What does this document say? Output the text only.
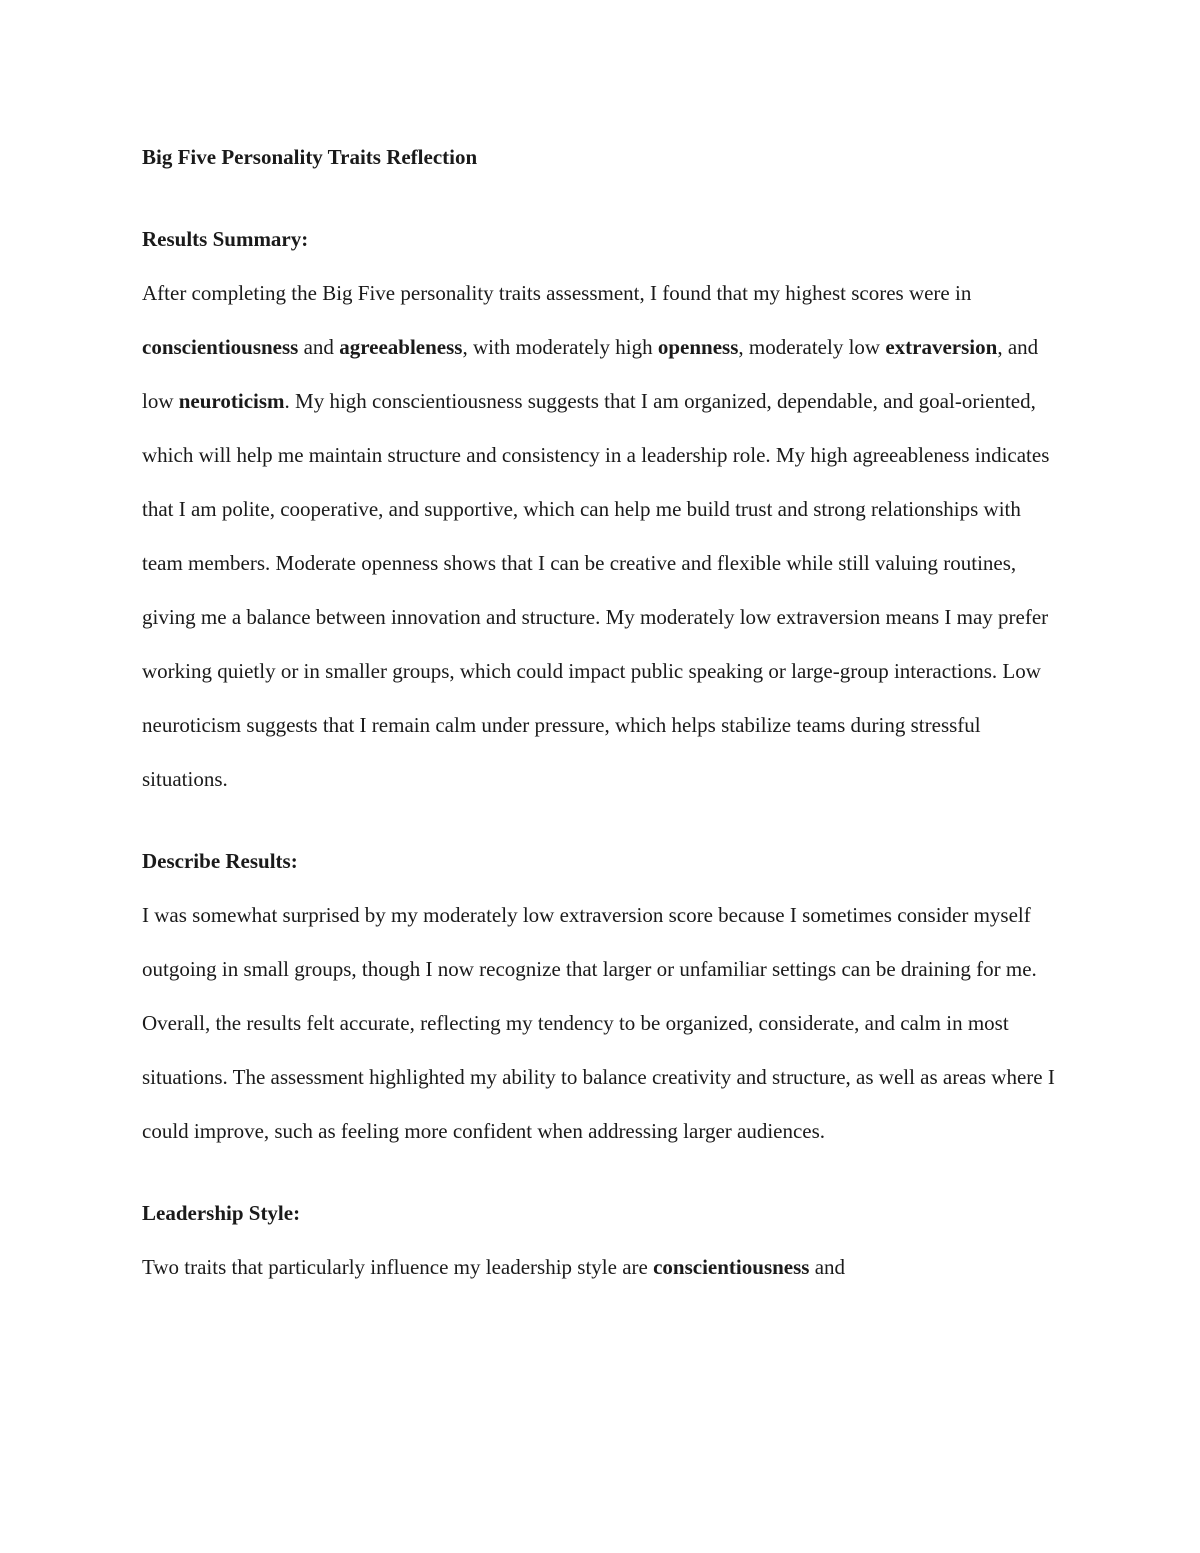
Big Five Personality Traits Reflection
Results Summary:

After completing the Big Five personality traits assessment, I found that my highest scores were in conscientiousness and agreeableness, with moderately high openness, moderately low extraversion, and low neuroticism. My high conscientiousness suggests that I am organized, dependable, and goal-oriented, which will help me maintain structure and consistency in a leadership role. My high agreeableness indicates that I am polite, cooperative, and supportive, which can help me build trust and strong relationships with team members. Moderate openness shows that I can be creative and flexible while still valuing routines, giving me a balance between innovation and structure. My moderately low extraversion means I may prefer working quietly or in smaller groups, which could impact public speaking or large-group interactions. Low neuroticism suggests that I remain calm under pressure, which helps stabilize teams during stressful situations.

Describe Results:

I was somewhat surprised by my moderately low extraversion score because I sometimes consider myself outgoing in small groups, though I now recognize that larger or unfamiliar settings can be draining for me. Overall, the results felt accurate, reflecting my tendency to be organized, considerate, and calm in most situations. The assessment highlighted my ability to balance creativity and structure, as well as areas where I could improve, such as feeling more confident when addressing larger audiences.

Leadership Style:

Two traits that particularly influence my leadership style are conscientiousness and
